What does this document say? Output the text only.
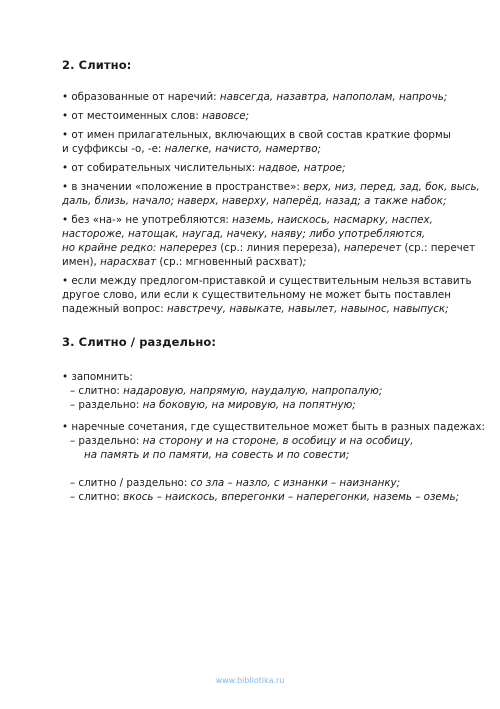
2. Слитно:
• образованные от наречий: навсегда, назавтра, напополам, напрочь;
• от местоименных слов: навовсе;
• от имен прилагательных, включающих в свой состав краткие формы
и суффиксы -о, -е: налегке, начисто, намертво;
• от собирательных числительных: надвое, натрое;
• в значении «положение в пространстве»: верх, низ, перед, зад, бок, высь,
даль, близь, начало; наверх, наверху, наперёд, назад; а также набок;
• без «на-» не употребляются: наземь, наискось, насмарку, наспех,
настороже, натощак, наугад, начеку, наяву; либо употребляются,
но крайне редко: наперерез (ср.: линия перереза), наперечет (ср.: перечет
имен), нарасхват (ср.: мгновенный расхват);
• если между предлогом-приставкой и существительным нельзя вставить
другое слово, или если к существительному не может быть поставлен
падежный вопрос: навстречу, навыкате, навылет, навынос, навыпуск;
3. Слитно / раздельно:
• запомнить:
– слитно: надаровую, напрямую, наудалую, напропалую;
– раздельно: на боковую, на мировую, на попятную;
• наречные сочетания, где существительное может быть в разных падежах:
– раздельно: на сторону и на стороне, в особицу и на особицу,
на память и по памяти, на совесть и по совести;
– слитно / раздельно: со зла – назло, с изнанки – наизнанку;
– слитно: вкось – наискось, вперегонки – наперегонки, наземь – оземь;
www.bibliotika.ru
